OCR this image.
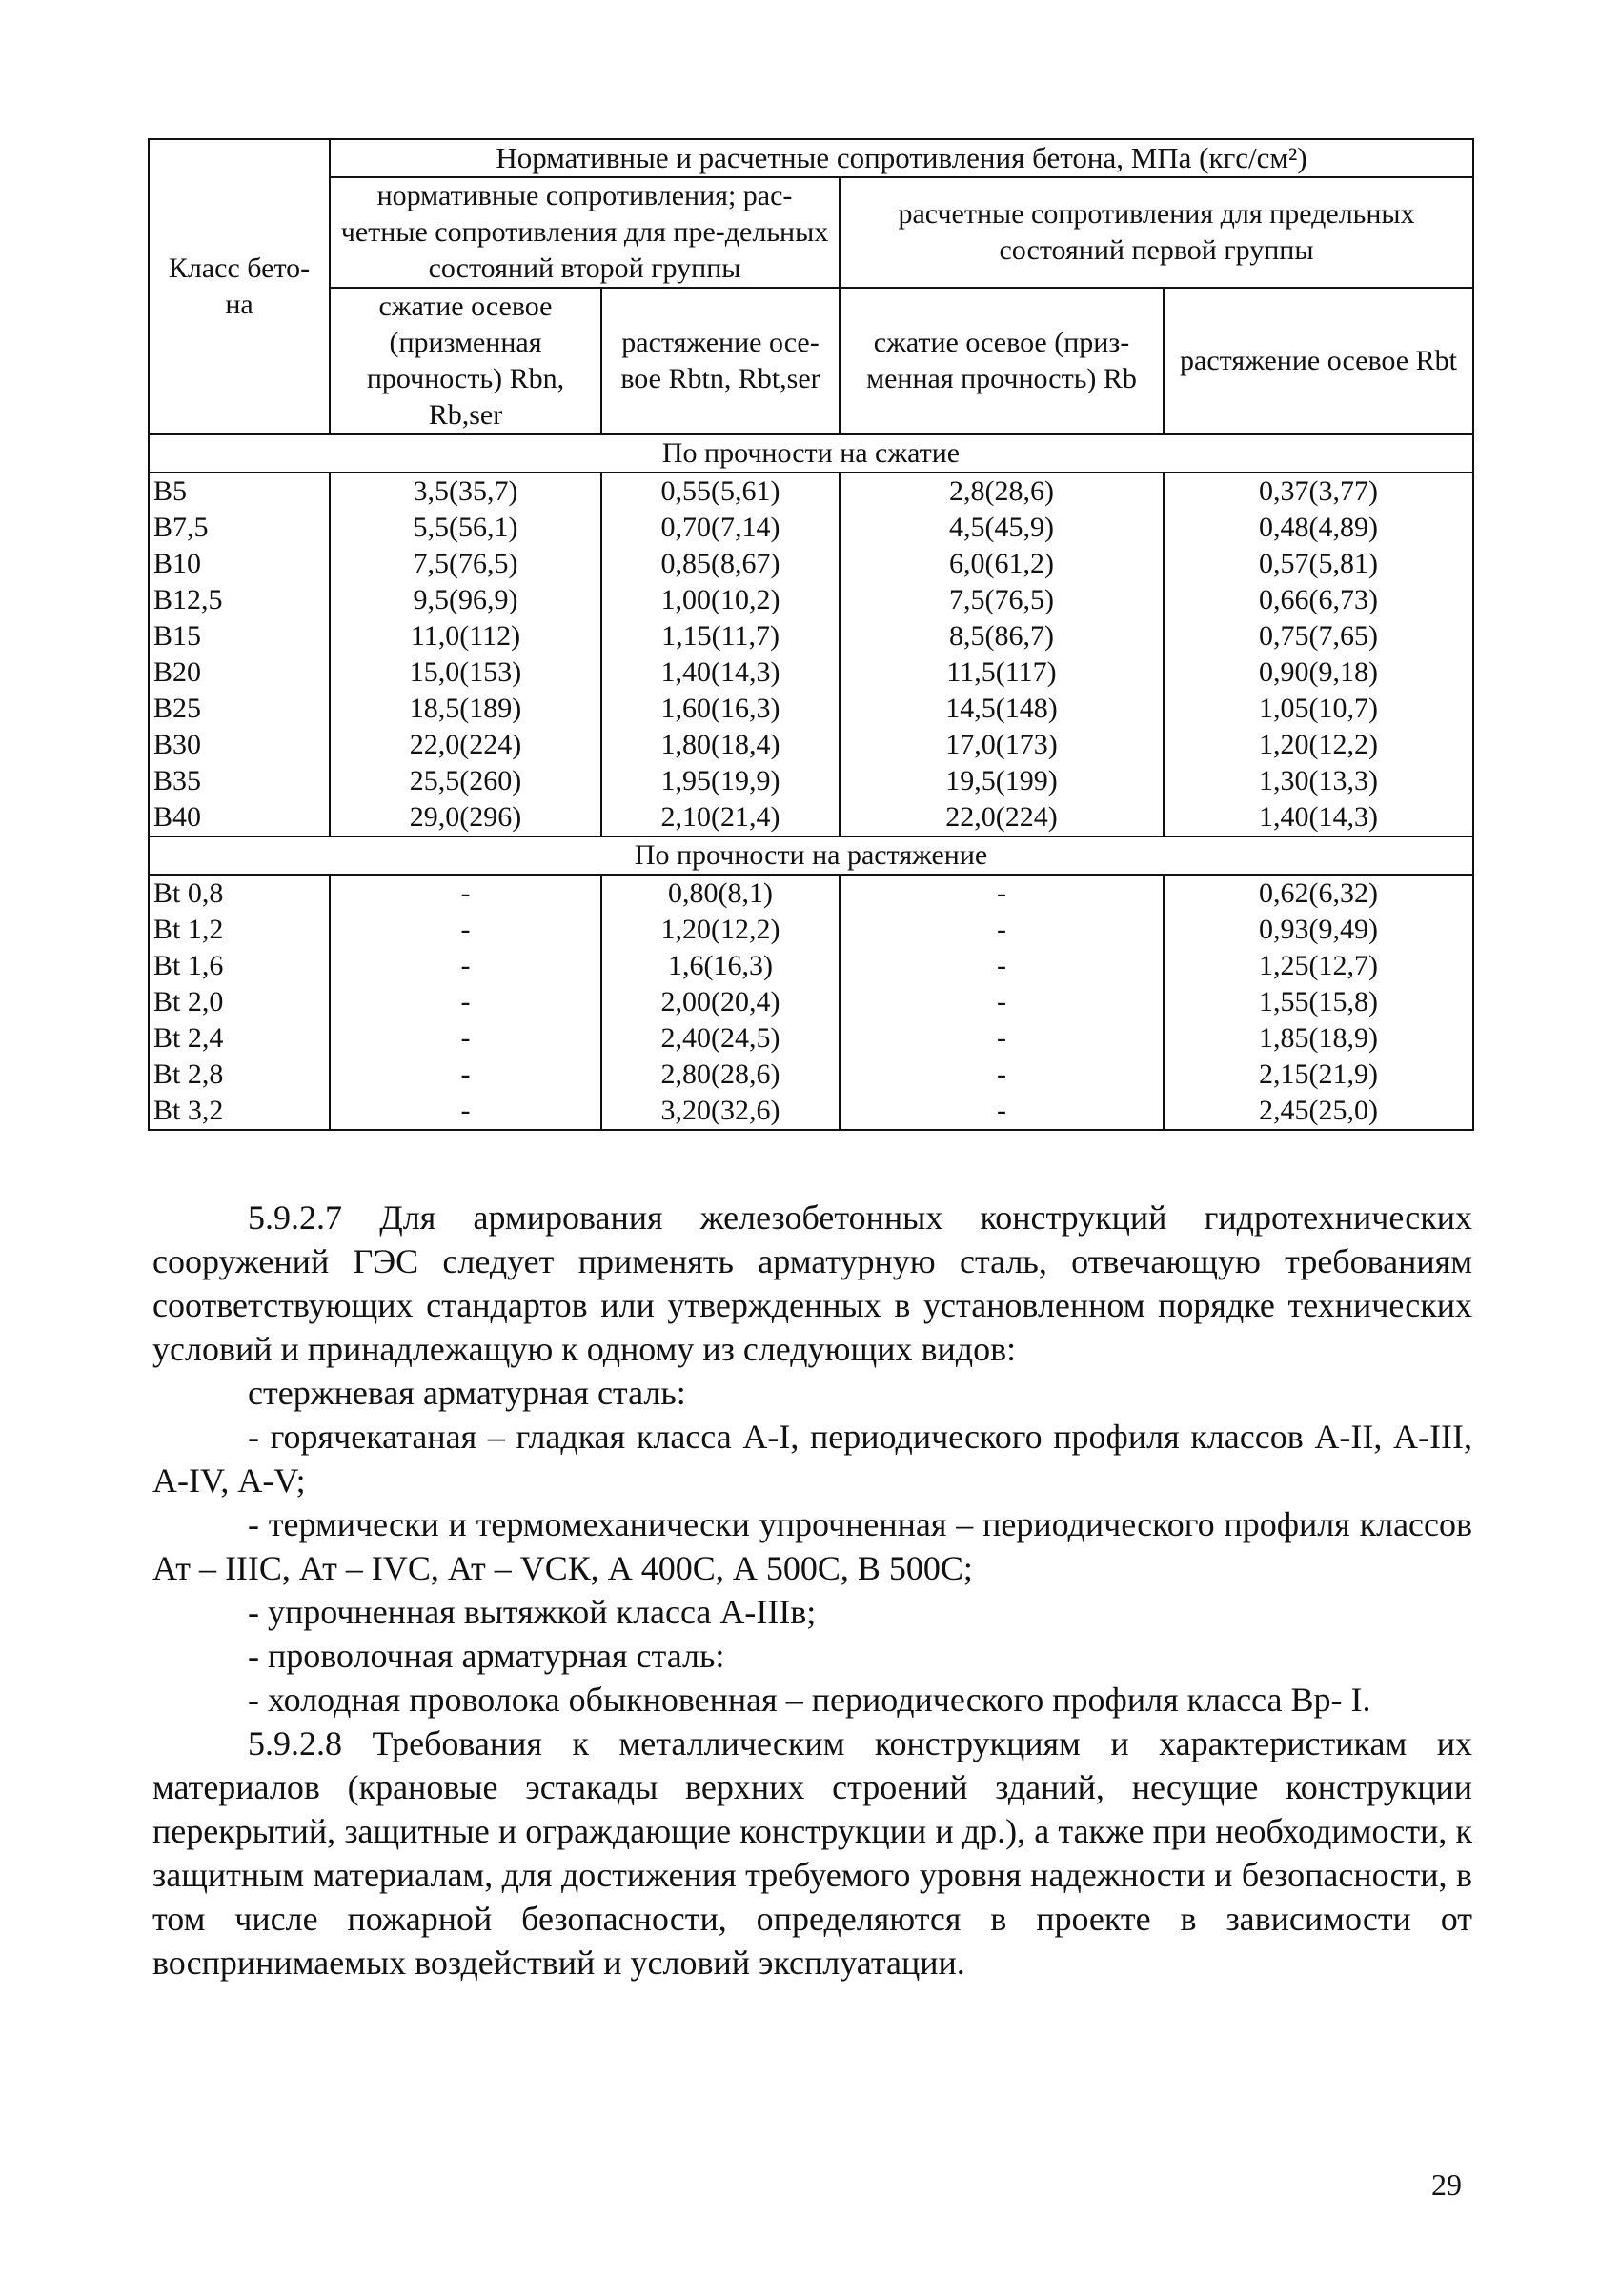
Класс бето-на	Нормативные и расчетные сопротивления бетона, МПа (кгс/см²)			
	нормативные сопротивления; рас-четные сопротивления для пре-дельных состояний второй группы		расчетные сопротивления для предельных состояний первой группы	
	сжатие осевое (призменная прочность) Rbn, Rb,ser	растяжение осе-вое Rbtn, Rbt,ser	сжатие осевое (приз-менная прочность) Rb	растяжение осевое Rbt
По прочности на сжатие				
B5	3,5(35,7)	0,55(5,61)	2,8(28,6)	0,37(3,77)
B7,5	5,5(56,1)	0,70(7,14)	4,5(45,9)	0,48(4,89)
B10	7,5(76,5)	0,85(8,67)	6,0(61,2)	0,57(5,81)
B12,5	9,5(96,9)	1,00(10,2)	7,5(76,5)	0,66(6,73)
B15	11,0(112)	1,15(11,7)	8,5(86,7)	0,75(7,65)
B20	15,0(153)	1,40(14,3)	11,5(117)	0,90(9,18)
B25	18,5(189)	1,60(16,3)	14,5(148)	1,05(10,7)
B30	22,0(224)	1,80(18,4)	17,0(173)	1,20(12,2)
B35	25,5(260)	1,95(19,9)	19,5(199)	1,30(13,3)
B40	29,0(296)	2,10(21,4)	22,0(224)	1,40(14,3)
По прочности на растяжение				
Bt 0,8	-	0,80(8,1)	-	0,62(6,32)
Bt 1,2	-	1,20(12,2)	-	0,93(9,49)
Bt 1,6	-	1,6(16,3)	-	1,25(12,7)
Bt 2,0	-	2,00(20,4)	-	1,55(15,8)
Bt 2,4	-	2,40(24,5)	-	1,85(18,9)
Bt 2,8	-	2,80(28,6)	-	2,15(21,9)
Bt 3,2	-	3,20(32,6)	-	2,45(25,0)

5.9.2.7 Для армирования железобетонных конструкций гидротехнических сооружений ГЭС следует применять арматурную сталь, отвечающую требованиям соответствующих стандартов или утвержденных в установленном порядке технических условий и принадлежащую к одному из следующих видов:

стержневая арматурная сталь:

- горячекатаная – гладкая класса А-I, периодического профиля классов А-II, А-III, А-IV, А-V;

- термически и термомеханически упрочненная – периодического профиля классов Ат – IIIС, Ат – IVС, Ат – VСК, А 400С, А 500С, В 500С;

- упрочненная вытяжкой класса А-IIIв;

- проволочная арматурная сталь:

- холодная проволока обыкновенная – периодического профиля класса Вр- I.

5.9.2.8 Требования к металлическим конструкциям и характеристикам их материалов (крановые эстакады верхних строений зданий, несущие конструкции перекрытий, защитные и ограждающие конструкции и др.), а также при необходимости, к защитным материалам, для достижения требуемого уровня надежности и безопасности, в том числе пожарной безопасности, определяются в проекте в зависимости от воспринимаемых воздействий и условий эксплуатации.

29
